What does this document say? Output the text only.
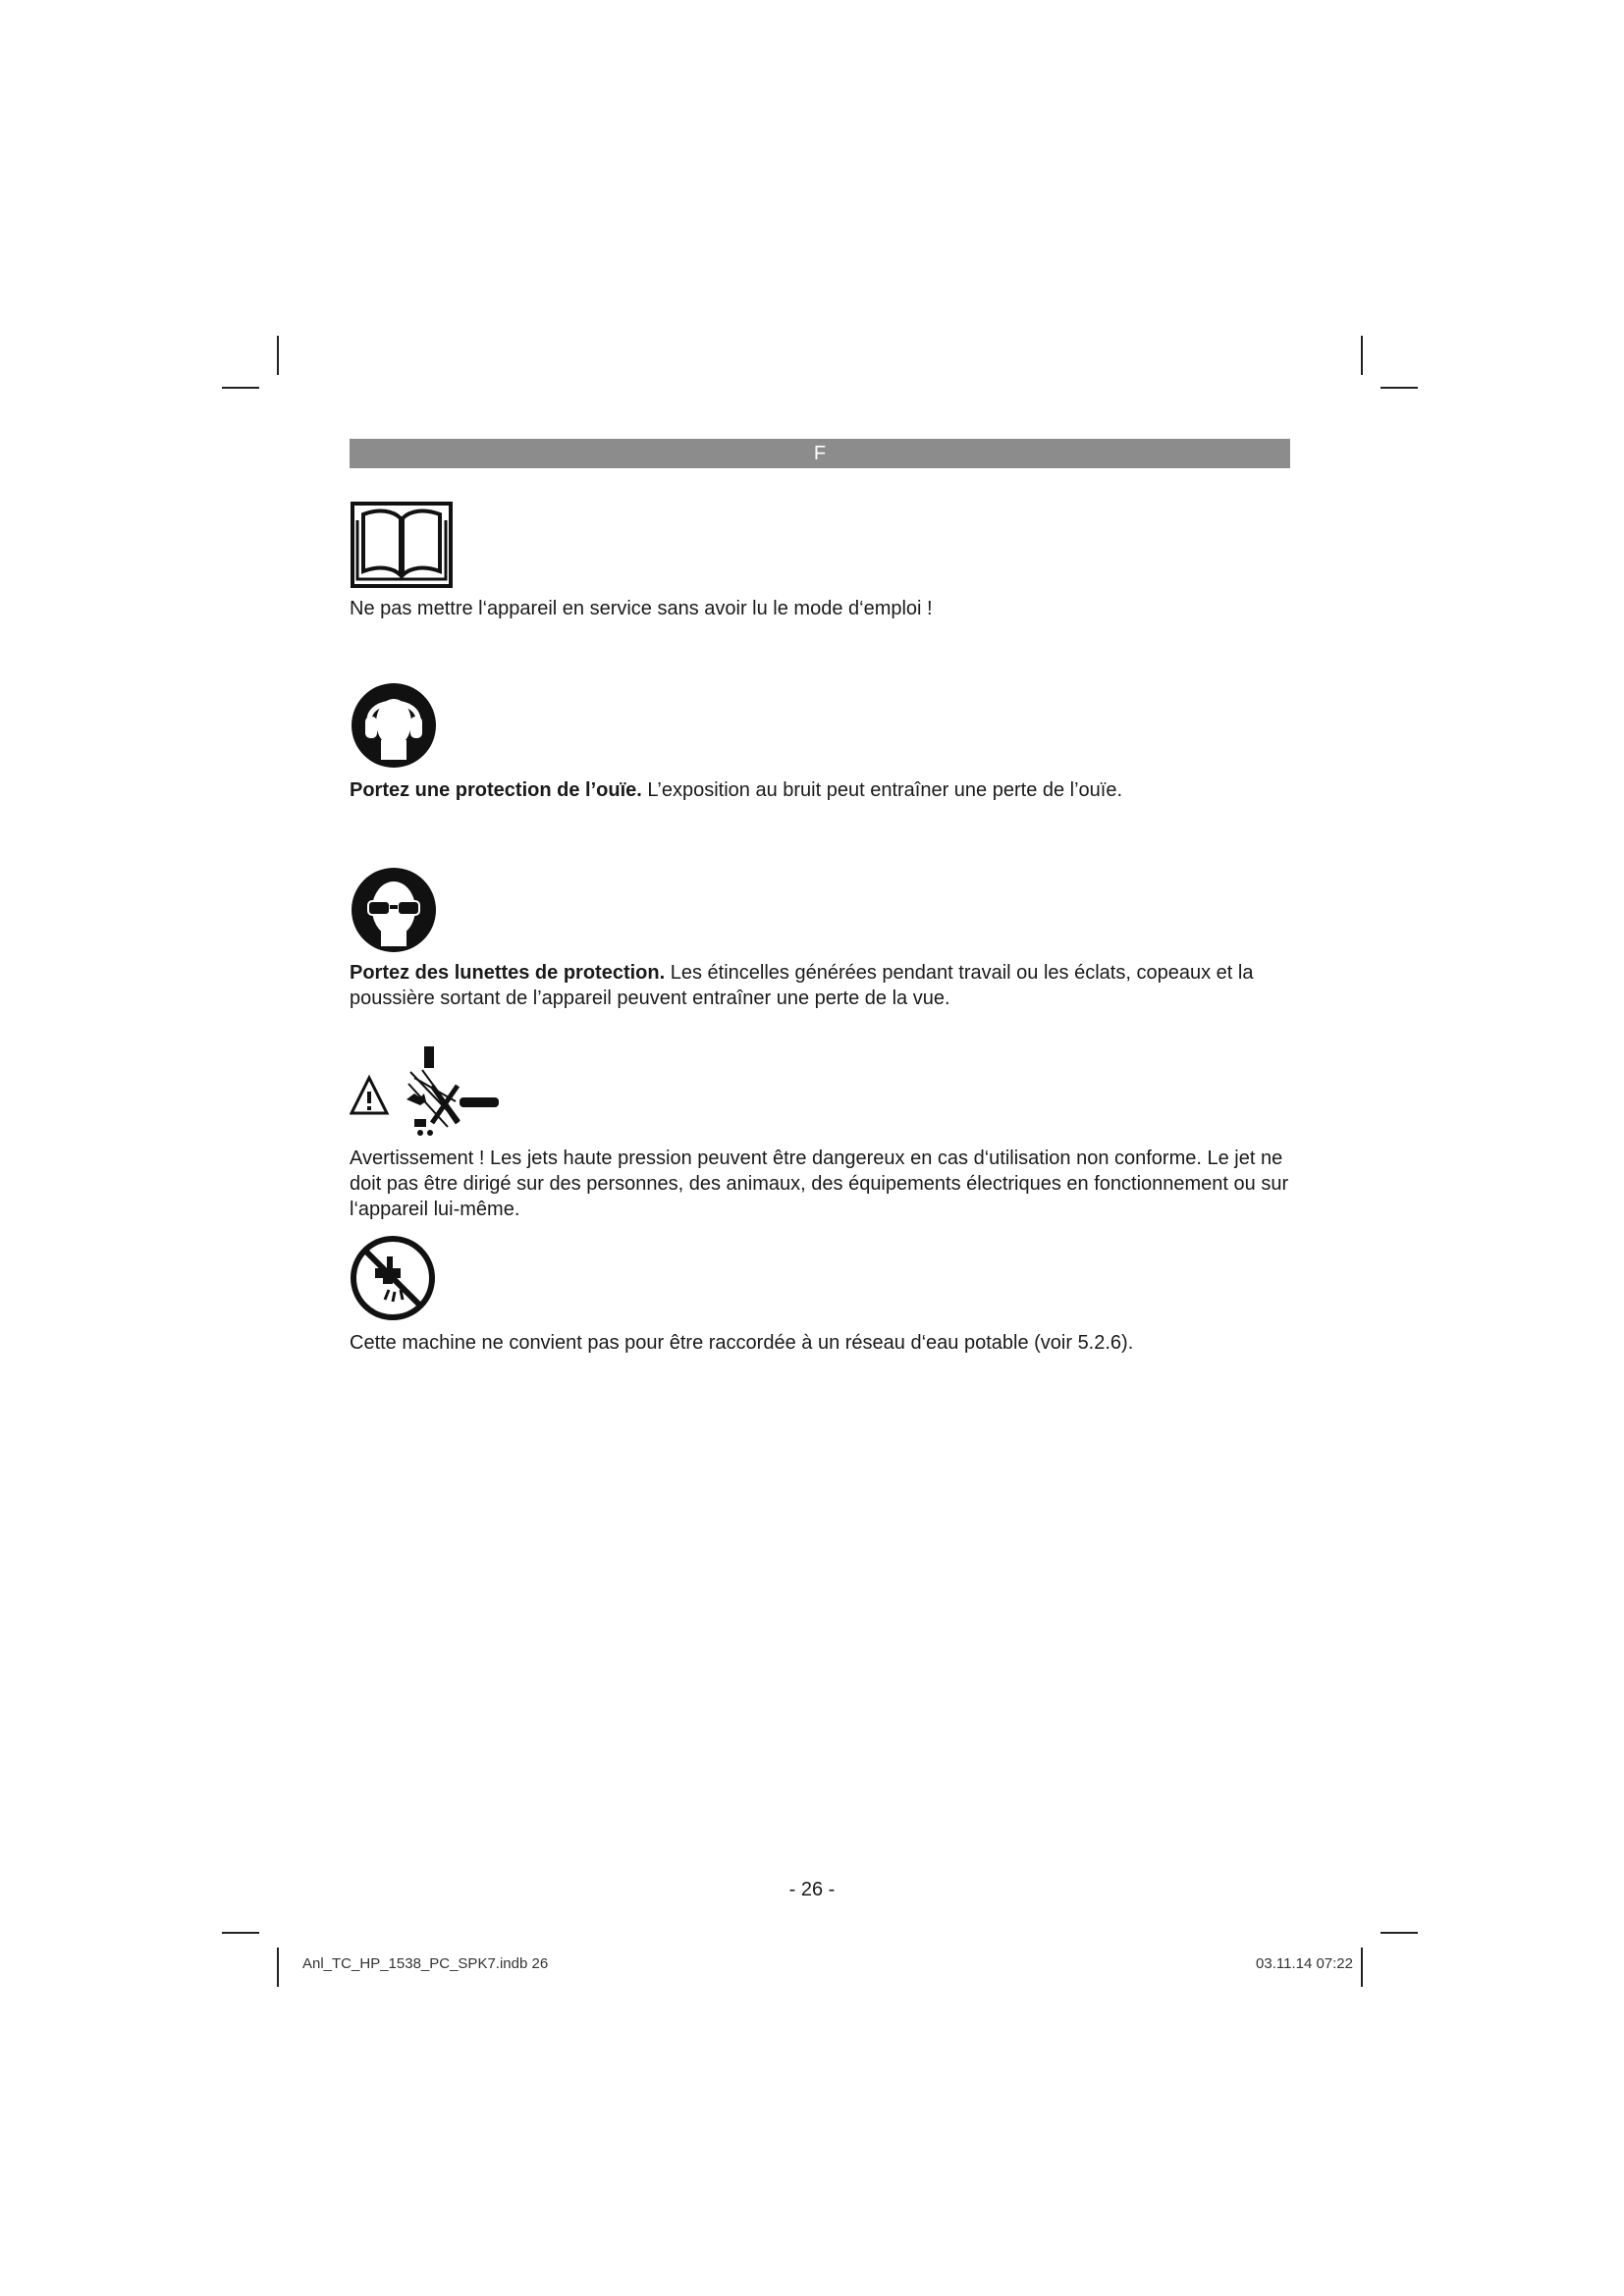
F
Ne pas mettre l‘appareil en service sans avoir lu le mode d‘emploi !
Portez une protection de l’ouïe. L’exposition au bruit peut entraîner une perte de l’ouïe.
Portez des lunettes de protection. Les étincelles générées pendant travail ou les éclats, copeaux et la poussière sortant de l’appareil peuvent entraîner une perte de la vue.
Avertissement ! Les jets haute pression peuvent être dangereux en cas d‘utilisation non conforme. Le jet ne doit pas être dirigé sur des personnes, des animaux, des équipements électriques en fonctionnement ou sur l‘appareil lui-même.
Cette machine ne convient pas pour être raccordée à un réseau d‘eau potable (voir 5.2.6).
- 26 -
Anl_TC_HP_1538_PC_SPK7.indb 26	03.11.14 07:22
